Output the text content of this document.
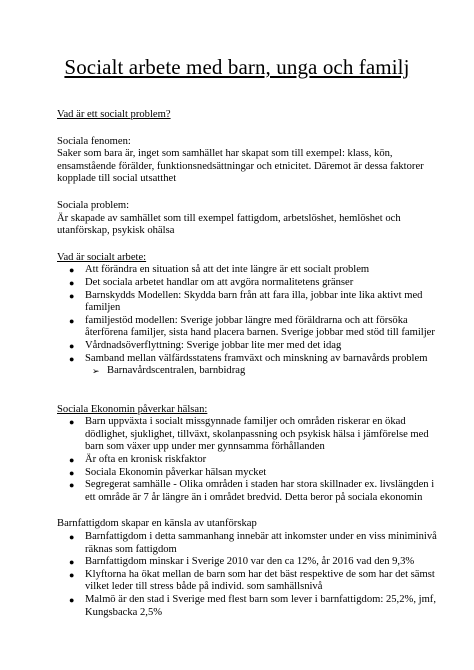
Socialt arbete med barn, unga och familj

Vad är ett socialt problem?

Sociala fenomen:

Saker som bara är, inget som samhället har skapat som till exempel: klass, kön, ensamstående förälder, funktionsnedsättningar och etnicitet. Däremot är dessa faktorer kopplade till social utsatthet

Sociala problem:

Är skapade av samhället som till exempel fattigdom, arbetslöshet, hemlöshet och utanförskap, psykisk ohälsa

Vad är socialt arbete:

● Att förändra en situation så att det inte längre är ett socialt problem
● Det sociala arbetet handlar om att avgöra normalitetens gränser
● Barnskydds Modellen: Skydda barn från att fara illa, jobbar inte lika aktivt med familjen
● familjestöd modellen: Sverige jobbar längre med föräldrarna och att försöka återförena familjer, sista hand placera barnen. Sverige jobbar med stöd till familjer
● Vårdnadsöverflyttning: Sverige jobbar lite mer med det idag
● Samband mellan välfärdsstatens framväxt och minskning av barnavårds problem
➢ Barnavårdscentralen, barnbidrag

Sociala Ekonomin påverkar hälsan:

● Barn uppväxta i socialt missgynnade familjer och områden riskerar en ökad dödlighet, sjuklighet, tillväxt, skolanpassning och psykisk hälsa i jämförelse med barn som växer upp under mer gynnsamma förhållanden
● Är ofta en kronisk riskfaktor
● Sociala Ekonomin påverkar hälsan mycket
● Segregerat samhälle - Olika områden i staden har stora skillnader ex. livslängden i ett område är 7 år längre än i området bredvid. Detta beror på sociala ekonomin

Barnfattigdom skapar en känsla av utanförskap

● Barnfattigdom i detta sammanhang innebär att inkomster under en viss miniminivå räknas som fattigdom
● Barnfattigdom minskar i Sverige 2010 var den ca 12%, år 2016 vad den 9,3%
● Klyftorna ha ökat mellan de barn som har det bäst respektive de som har det sämst vilket leder till stress både på individ. som samhällsnivå
● Malmö är den stad i Sverige med flest barn som lever i barnfattigdom: 25,2%, jmf, Kungsbacka 2,5%
